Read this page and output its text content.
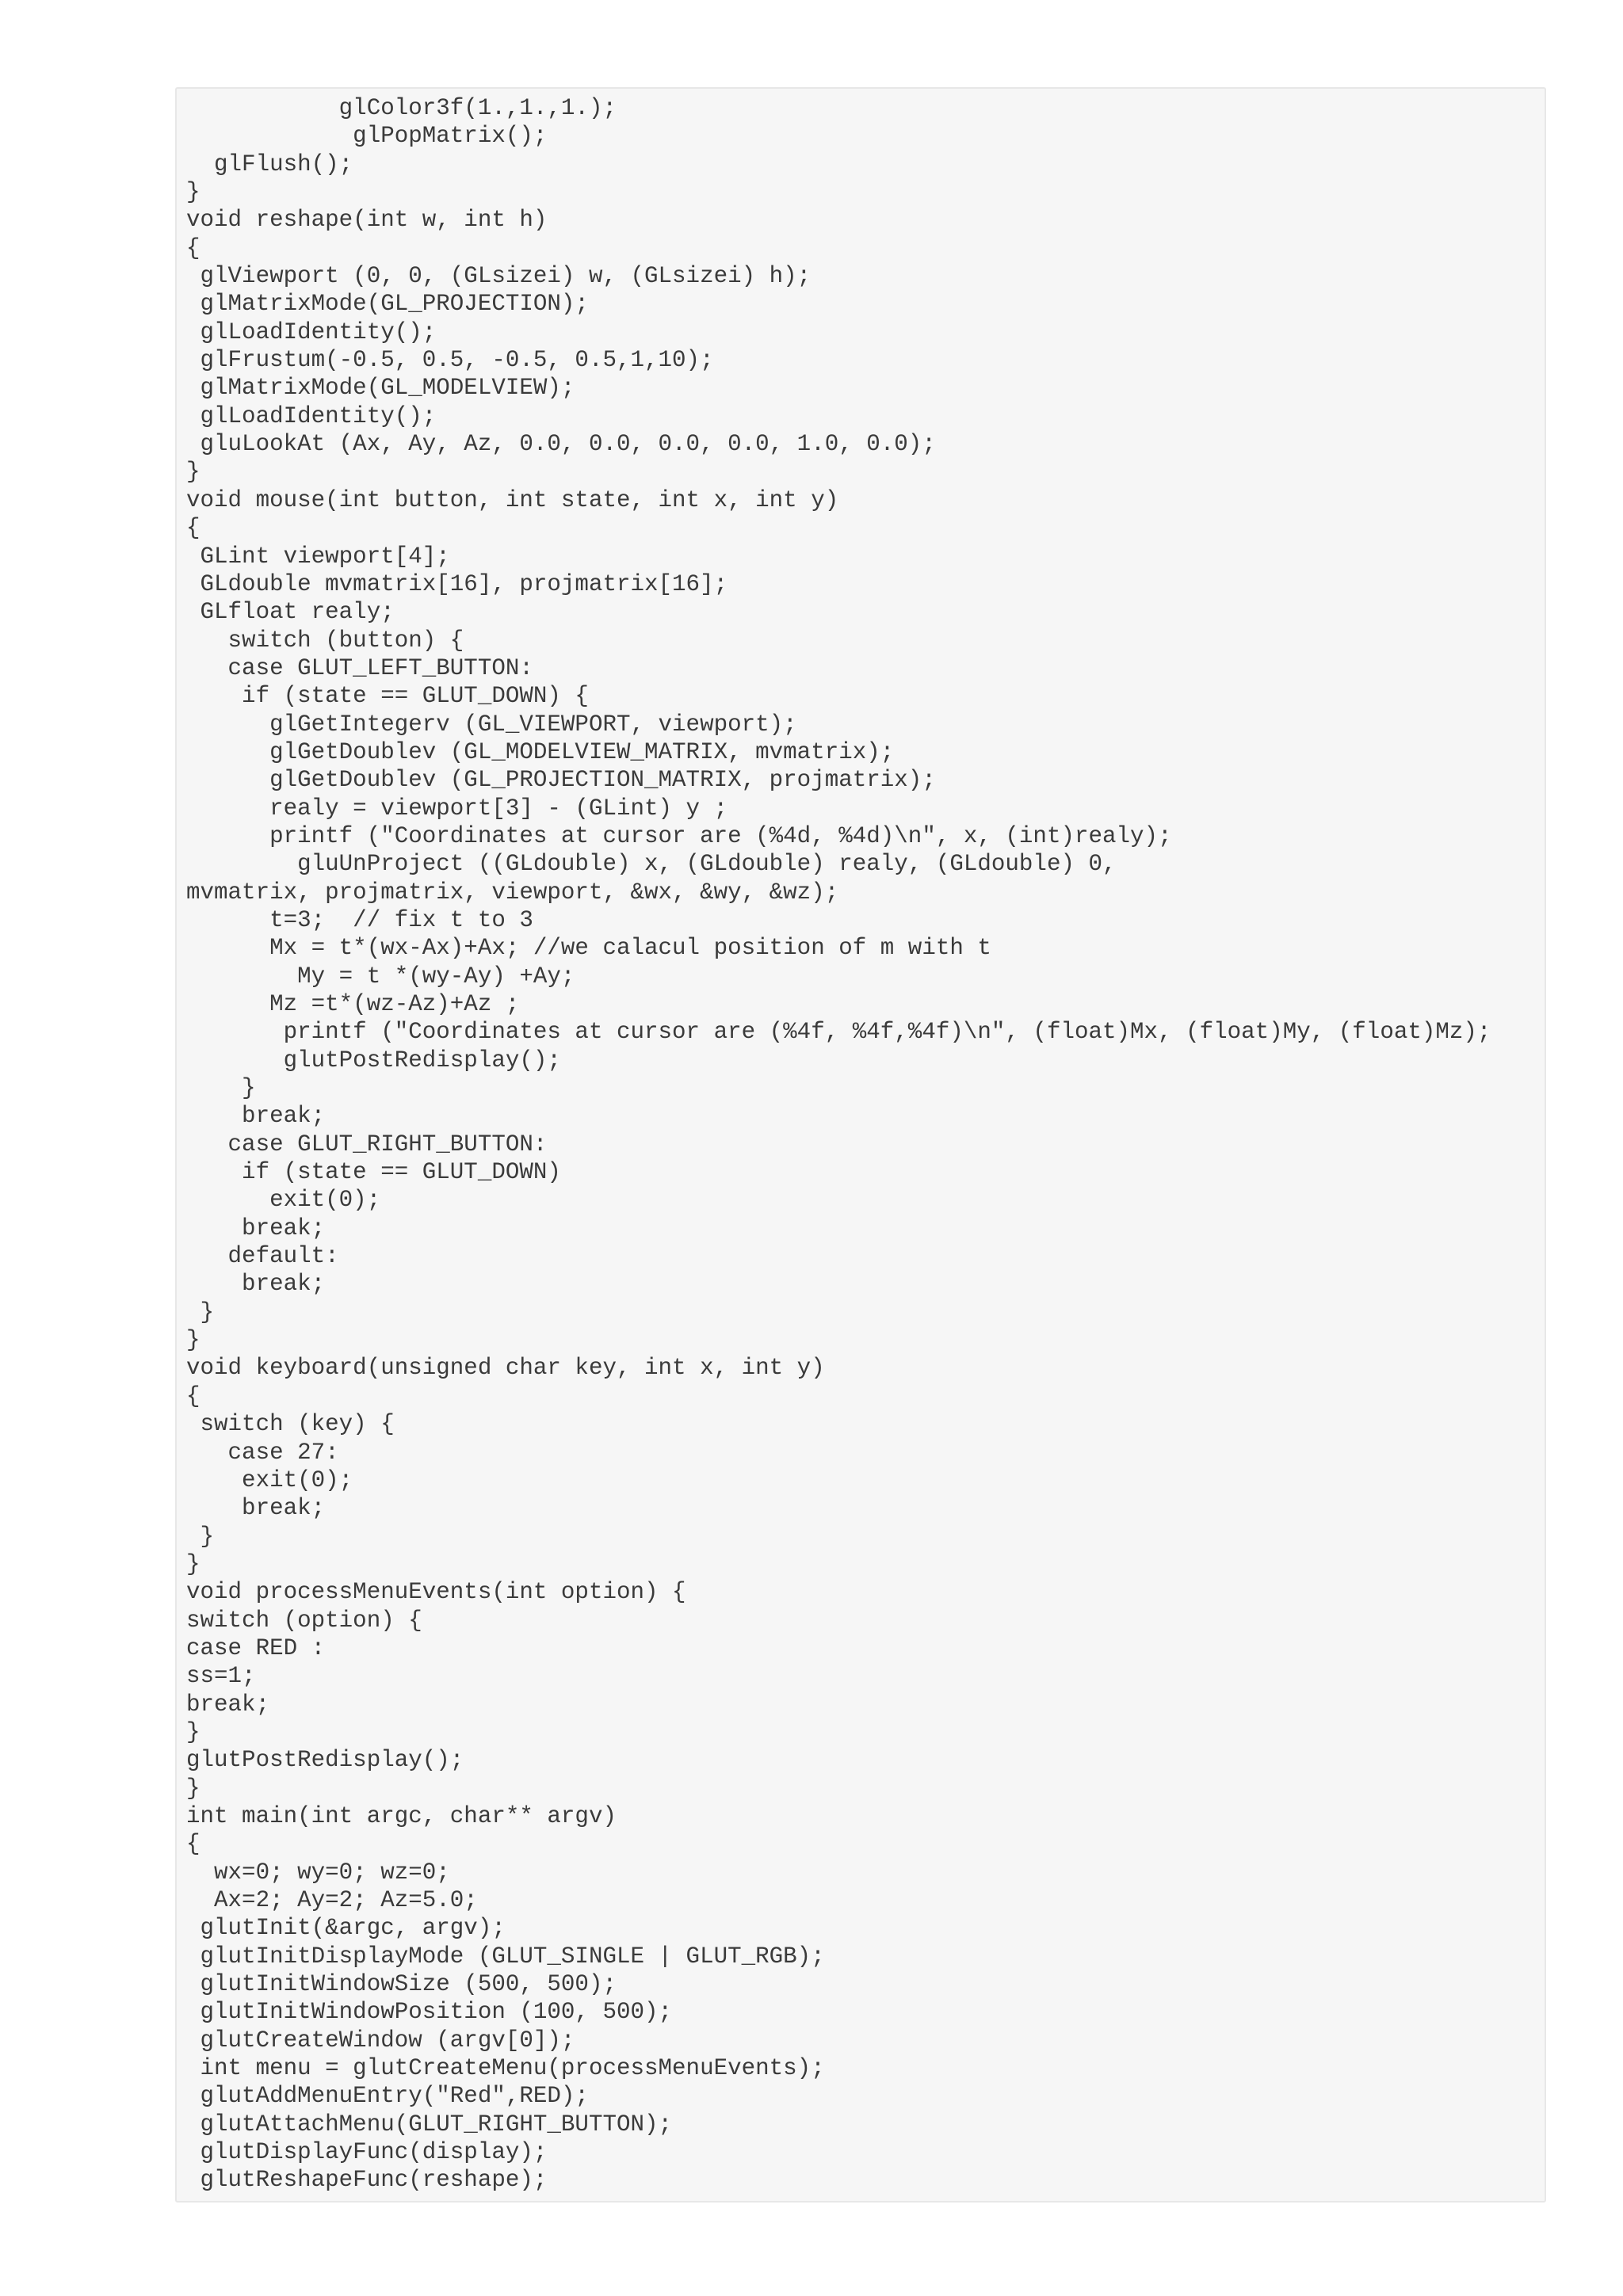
glColor3f(1.,1.,1.);
glPopMatrix();
glFlush();
}
void reshape(int w, int h)
{
glViewport (0, 0, (GLsizei) w, (GLsizei) h);
glMatrixMode(GL_PROJECTION);
glLoadIdentity();
glFrustum(-0.5, 0.5, -0.5, 0.5,1,10);
glMatrixMode(GL_MODELVIEW);
glLoadIdentity();
gluLookAt (Ax, Ay, Az, 0.0, 0.0, 0.0, 0.0, 1.0, 0.0);
}
void mouse(int button, int state, int x, int y)
{
GLint viewport[4];
GLdouble mvmatrix[16], projmatrix[16];
GLfloat realy;
switch (button) {
case GLUT_LEFT_BUTTON:
if (state == GLUT_DOWN) {
glGetIntegerv (GL_VIEWPORT, viewport);
glGetDoublev (GL_MODELVIEW_MATRIX, mvmatrix);
glGetDoublev (GL_PROJECTION_MATRIX, projmatrix);
realy = viewport[3] - (GLint) y ;
printf ("Coordinates at cursor are (%4d, %4d)\n", x, (int)realy);
gluUnProject ((GLdouble) x, (GLdouble) realy, (GLdouble) 0,
mvmatrix, projmatrix, viewport, &wx, &wy, &wz);
t=3;  // fix t to 3
Mx = t*(wx-Ax)+Ax; //we calacul position of m with t
My = t *(wy-Ay) +Ay;
Mz =t*(wz-Az)+Az ;
printf ("Coordinates at cursor are (%4f, %4f,%4f)\n", (float)Mx, (float)My, (float)Mz);
glutPostRedisplay();
}
break;
case GLUT_RIGHT_BUTTON:
if (state == GLUT_DOWN)
exit(0);
break;
default:
break;
}
}
void keyboard(unsigned char key, int x, int y)
{
switch (key) {
case 27:
exit(0);
break;
}
}
void processMenuEvents(int option) {
switch (option) {
case RED :
ss=1;
break;
}
glutPostRedisplay();
}
int main(int argc, char** argv)
{
wx=0; wy=0; wz=0;
Ax=2; Ay=2; Az=5.0;
glutInit(&argc, argv);
glutInitDisplayMode (GLUT_SINGLE | GLUT_RGB);
glutInitWindowSize (500, 500);
glutInitWindowPosition (100, 500);
glutCreateWindow (argv[0]);
int menu = glutCreateMenu(processMenuEvents);
glutAddMenuEntry("Red",RED);
glutAttachMenu(GLUT_RIGHT_BUTTON);
glutDisplayFunc(display);
glutReshapeFunc(reshape);
